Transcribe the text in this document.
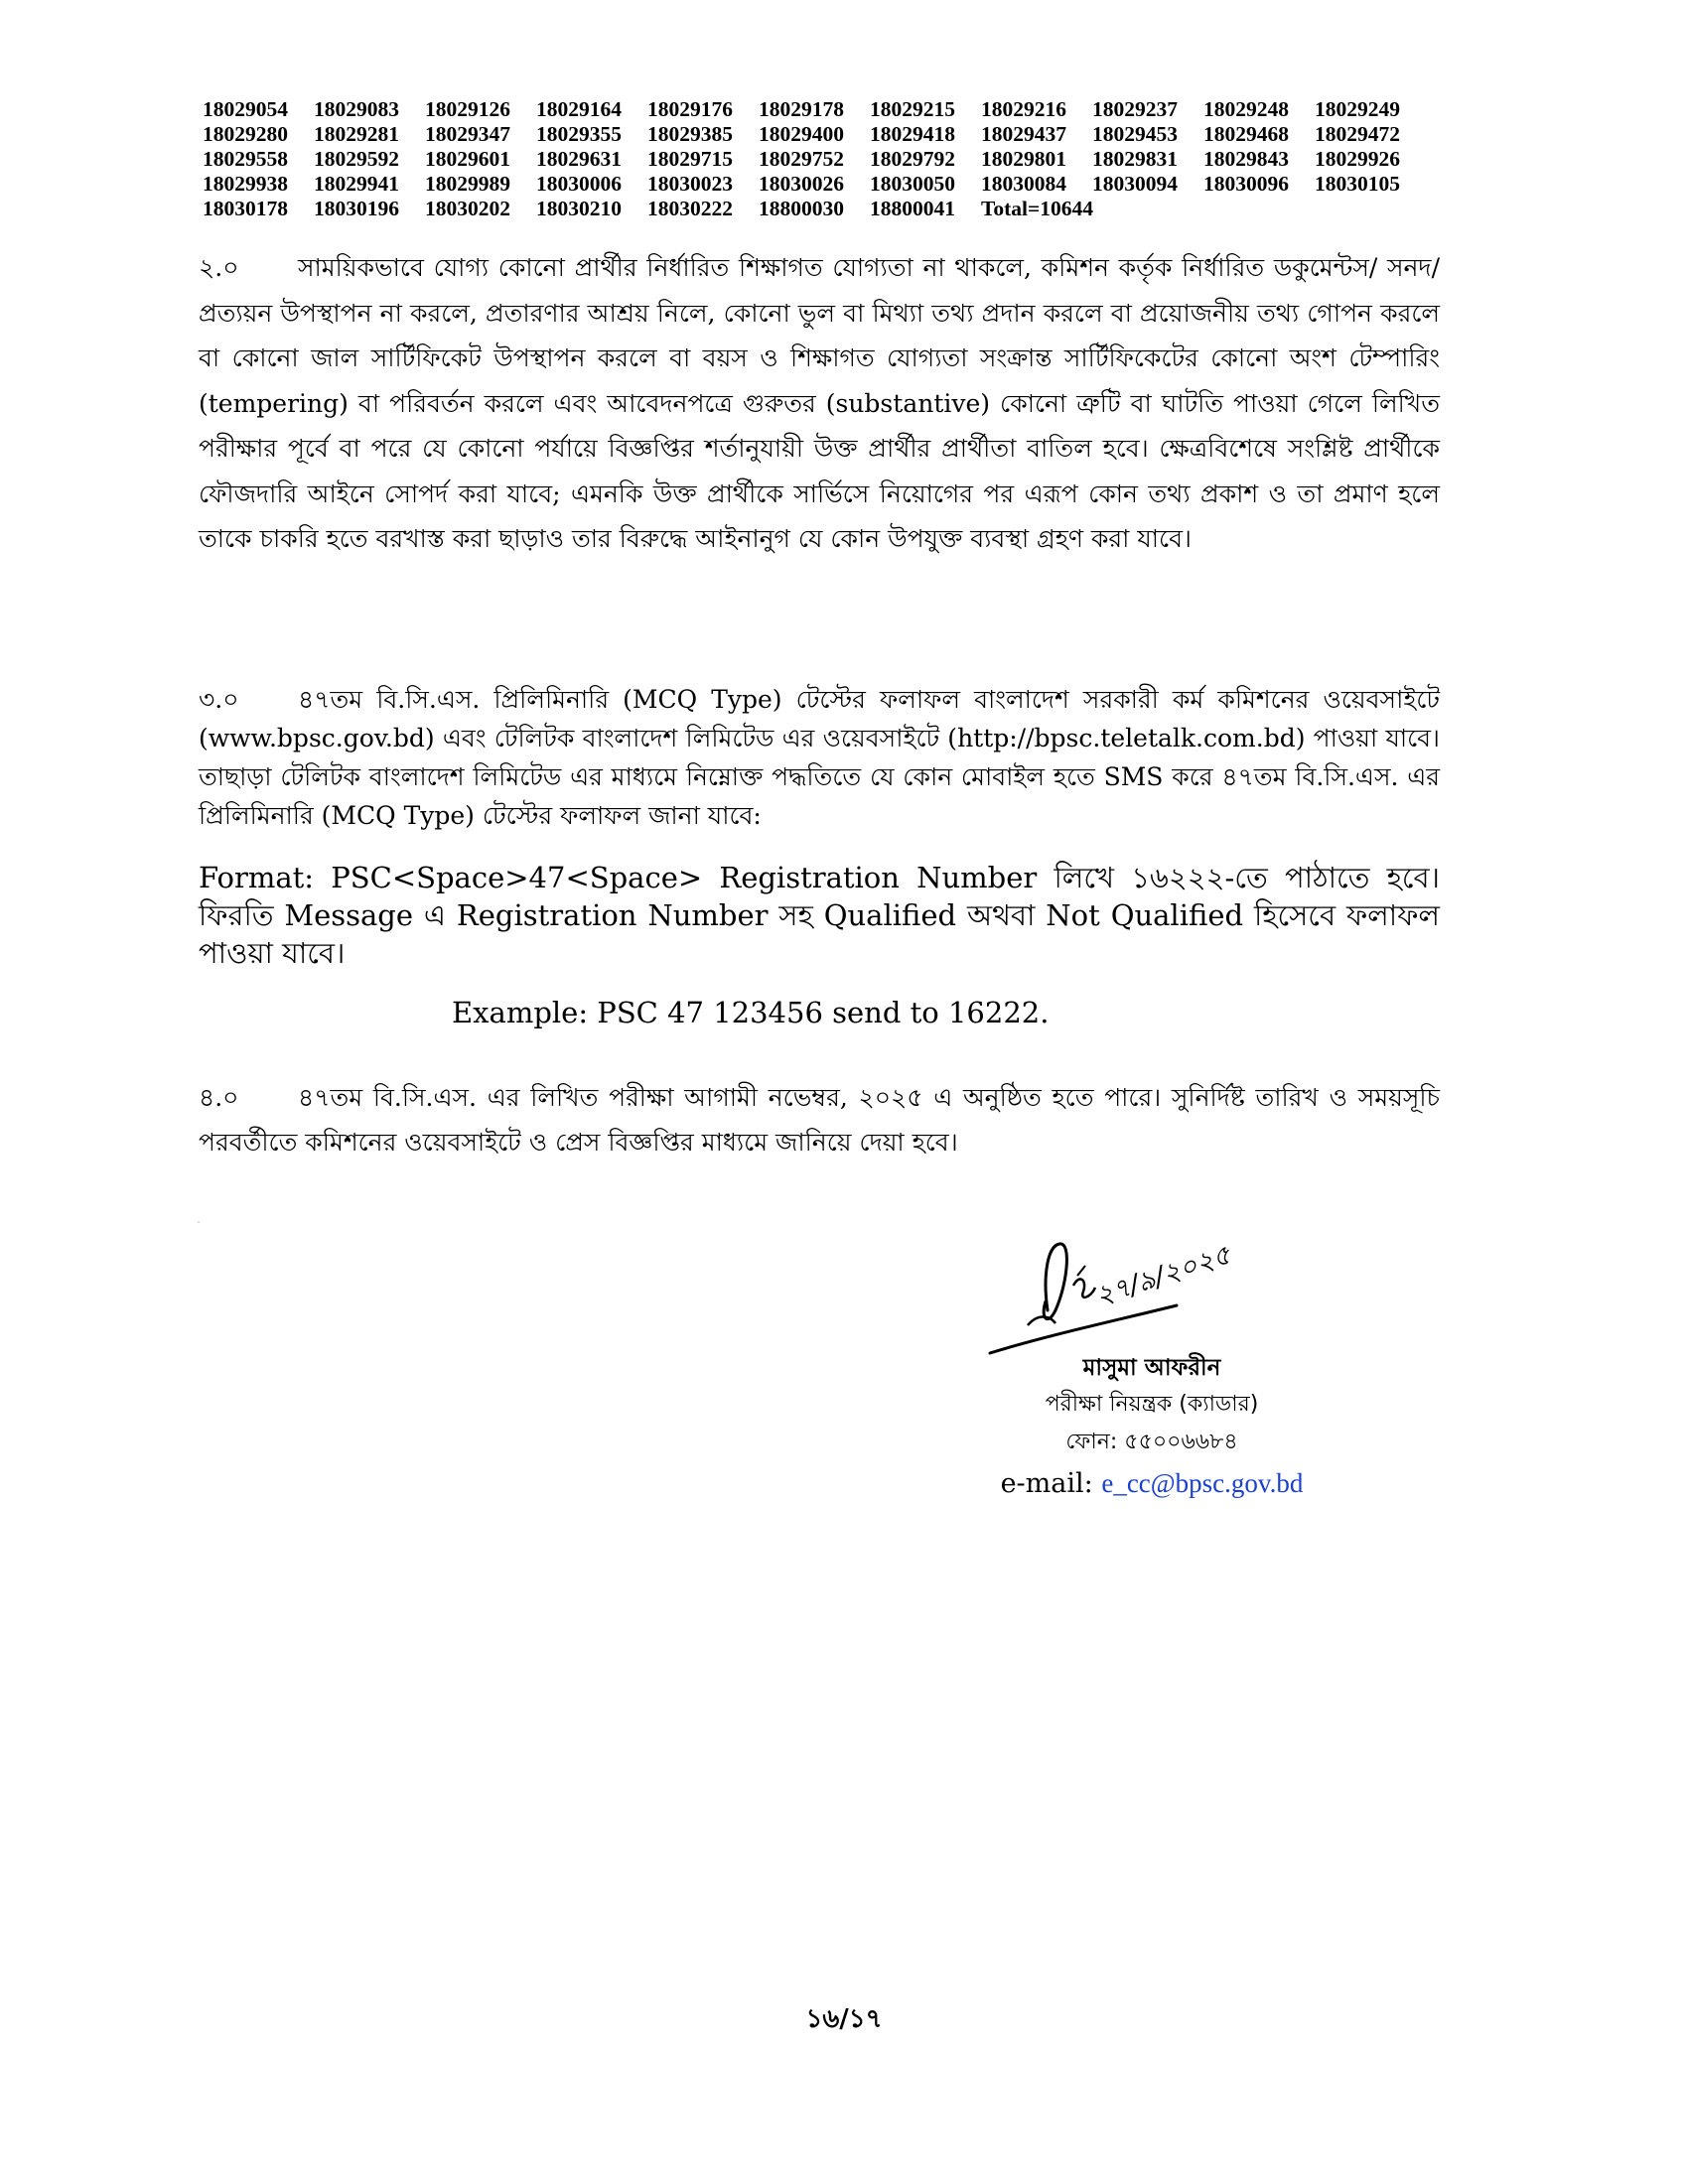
18029054 18029083 18029126 18029164 18029176 18029178 18029215 18029216 18029237 18029248 18029249
18029280 18029281 18029347 18029355 18029385 18029400 18029418 18029437 18029453 18029468 18029472
18029558 18029592 18029601 18029631 18029715 18029752 18029792 18029801 18029831 18029843 18029926
18029938 18029941 18029989 18030006 18030023 18030026 18030050 18030084 18030094 18030096 18030105
18030178 18030196 18030202 18030210 18030222 18800030 18800041 Total=10644
২.০ সাময়িকভাবে যোগ্য কোনো প্রার্থীর নির্ধারিত শিক্ষাগত যোগ্যতা না থাকলে, কমিশন কর্তৃক নির্ধারিত ডকুমেন্টস/ সনদ/প্রত্যয়ন উপস্থাপন না করলে, প্রতারণার আশ্রয় নিলে, কোনো ভুল বা মিথ্যা তথ্য প্রদান করলে বা প্রয়োজনীয় তথ্য গোপন করলে বা কোনো জাল সার্টিফিকেট উপস্থাপন করলে বা বয়স ও শিক্ষাগত যোগ্যতা সংক্রান্ত সার্টিফিকেটের কোনো অংশ টেম্পারিং (tempering) বা পরিবর্তন করলে এবং আবেদনপত্রে গুরুতর (substantive) কোনো ত্রুটি বা ঘাটতি পাওয়া গেলে লিখিত পরীক্ষার পূর্বে বা পরে যে কোনো পর্যায়ে বিজ্ঞপ্তির শর্তানুযায়ী উক্ত প্রার্থীর প্রার্থীতা বাতিল হবে। ক্ষেত্রবিশেষে সংশ্লিষ্ট প্রার্থীকে ফৌজদারি আইনে সোপর্দ করা যাবে; এমনকি উক্ত প্রার্থীকে সার্ভিসে নিয়োগের পর এরূপ কোন তথ্য প্রকাশ ও তা প্রমাণ হলে তাকে চাকরি হতে বরখাস্ত করা ছাড়াও তার বিরুদ্ধে আইনানুগ যে কোন উপযুক্ত ব্যবস্থা গ্রহণ করা যাবে।
৩.০ ৪৭তম বি.সি.এস. প্রিলিমিনারি (MCQ Type) টেস্টের ফলাফল বাংলাদেশ সরকারী কর্ম কমিশনের ওয়েবসাইটে (www.bpsc.gov.bd) এবং টেলিটক বাংলাদেশ লিমিটেড এর ওয়েবসাইটে (http://bpsc.teletalk.com.bd) পাওয়া যাবে। তাছাড়া টেলিটক বাংলাদেশ লিমিটেড এর মাধ্যমে নিম্নোক্ত পদ্ধতিতে যে কোন মোবাইল হতে SMS করে ৪৭তম বি.সি.এস. এর প্রিলিমিনারি (MCQ Type) টেস্টের ফলাফল জানা যাবে:
Format: PSC<Space>47<Space> Registration Number লিখে ১৬২২২-তে পাঠাতে হবে। ফিরতি Message এ Registration Number সহ Qualified অথবা Not Qualified হিসেবে ফলাফল পাওয়া যাবে।
Example: PSC 47 123456 send to 16222.
৪.০ ৪৭তম বি.সি.এস. এর লিখিত পরীক্ষা আগামী নভেম্বর, ২০২৫ এ অনুষ্ঠিত হতে পারে। সুনির্দিষ্ট তারিখ ও সময়সূচি পরবর্তীতে কমিশনের ওয়েবসাইটে ও প্রেস বিজ্ঞপ্তির মাধ্যমে জানিয়ে দেয়া হবে।
২৭/৯/২০২৫
মাসুমা আফরীন
পরীক্ষা নিয়ন্ত্রক (ক্যাডার)
ফোন: ৫৫০০৬৬৮৪
e-mail: e_cc@bpsc.gov.bd
১৬/১৭
